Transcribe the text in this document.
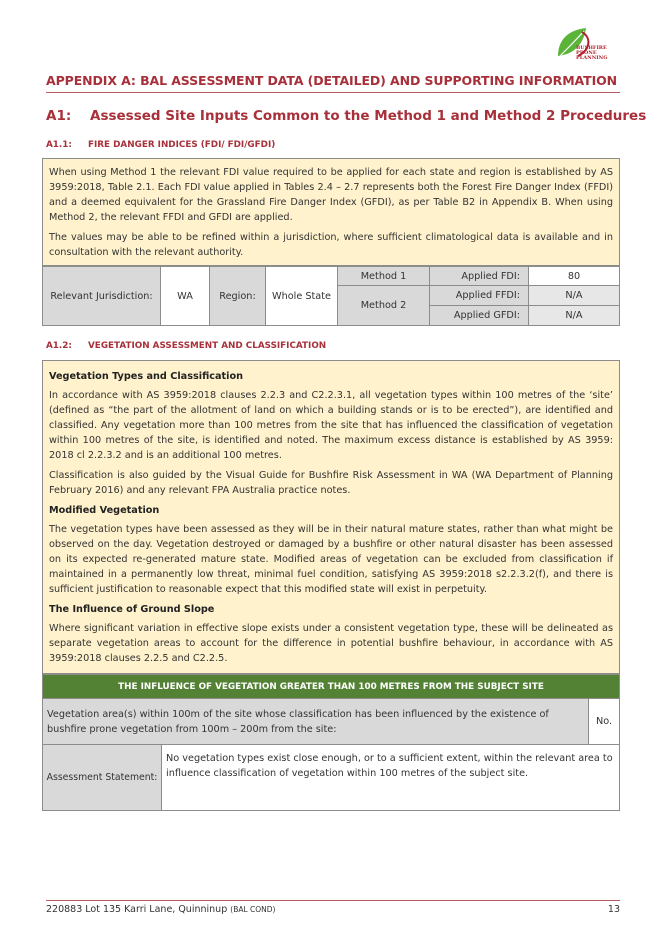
BUSHFIRE PRONE
PLANNING
APPENDIX A: BAL ASSESSMENT DATA (DETAILED) AND SUPPORTING INFORMATION
A1: Assessed Site Inputs Common to the Method 1 and Method 2 Procedures
A1.1: FIRE DANGER INDICES (FDI/ FDI/GFDI)

When using Method 1 the relevant FDI value required to be applied for each state and region is established by AS 3959:2018, Table 2.1. Each FDI value applied in Tables 2.4 – 2.7 represents both the Forest Fire Danger Index (FFDI) and a deemed equivalent for the Grassland Fire Danger Index (GFDI), as per Table B2 in Appendix B. When using Method 2, the relevant FFDI and GFDI are applied.

The values may be able to be refined within a jurisdiction, where sufficient climatological data is available and in consultation with the relevant authority.

Relevant Jurisdiction:	WA	Region:	Whole State	Method 1	Applied FDI:	80
				Method 2	Applied FFDI:	N/A
					Applied GFDI:	N/A
A1.2: VEGETATION ASSESSMENT AND CLASSIFICATION

Vegetation Types and Classification

In accordance with AS 3959:2018 clauses 2.2.3 and C2.2.3.1, all vegetation types within 100 metres of the ‘site’ (defined as “the part of the allotment of land on which a building stands or is to be erected”), are identified and classified. Any vegetation more than 100 metres from the site that has influenced the classification of vegetation within 100 metres of the site, is identified and noted. The maximum excess distance is established by AS 3959: 2018 cl 2.2.3.2 and is an additional 100 metres.

Classification is also guided by the Visual Guide for Bushfire Risk Assessment in WA (WA Department of Planning February 2016) and any relevant FPA Australia practice notes.

Modified Vegetation

The vegetation types have been assessed as they will be in their natural mature states, rather than what might be observed on the day. Vegetation destroyed or damaged by a bushfire or other natural disaster has been assessed on its expected re-generated mature state. Modified areas of vegetation can be excluded from classification if maintained in a permanently low threat, minimal fuel condition, satisfying AS 3959:2018 s2.2.3.2(f), and there is sufficient justification to reasonable expect that this modified state will exist in perpetuity.

The Influence of Ground Slope

Where significant variation in effective slope exists under a consistent vegetation type, these will be delineated as separate vegetation areas to account for the difference in potential bushfire behaviour, in accordance with AS 3959:2018 clauses 2.2.5 and C2.2.5.

THE INFLUENCE OF VEGETATION GREATER THAN 100 METRES FROM THE SUBJECT SITE		
Vegetation area(s) within 100m of the site whose classification has been influenced by the existence of bushfire prone vegetation from 100m – 200m from the site:		No.
Assessment Statement:	No vegetation types exist close enough, or to a sufficient extent, within the relevant area to influence classification of vegetation within 100 metres of the subject site.	
220883 Lot 135 Karri Lane, Quinninup (BAL COND)	13
